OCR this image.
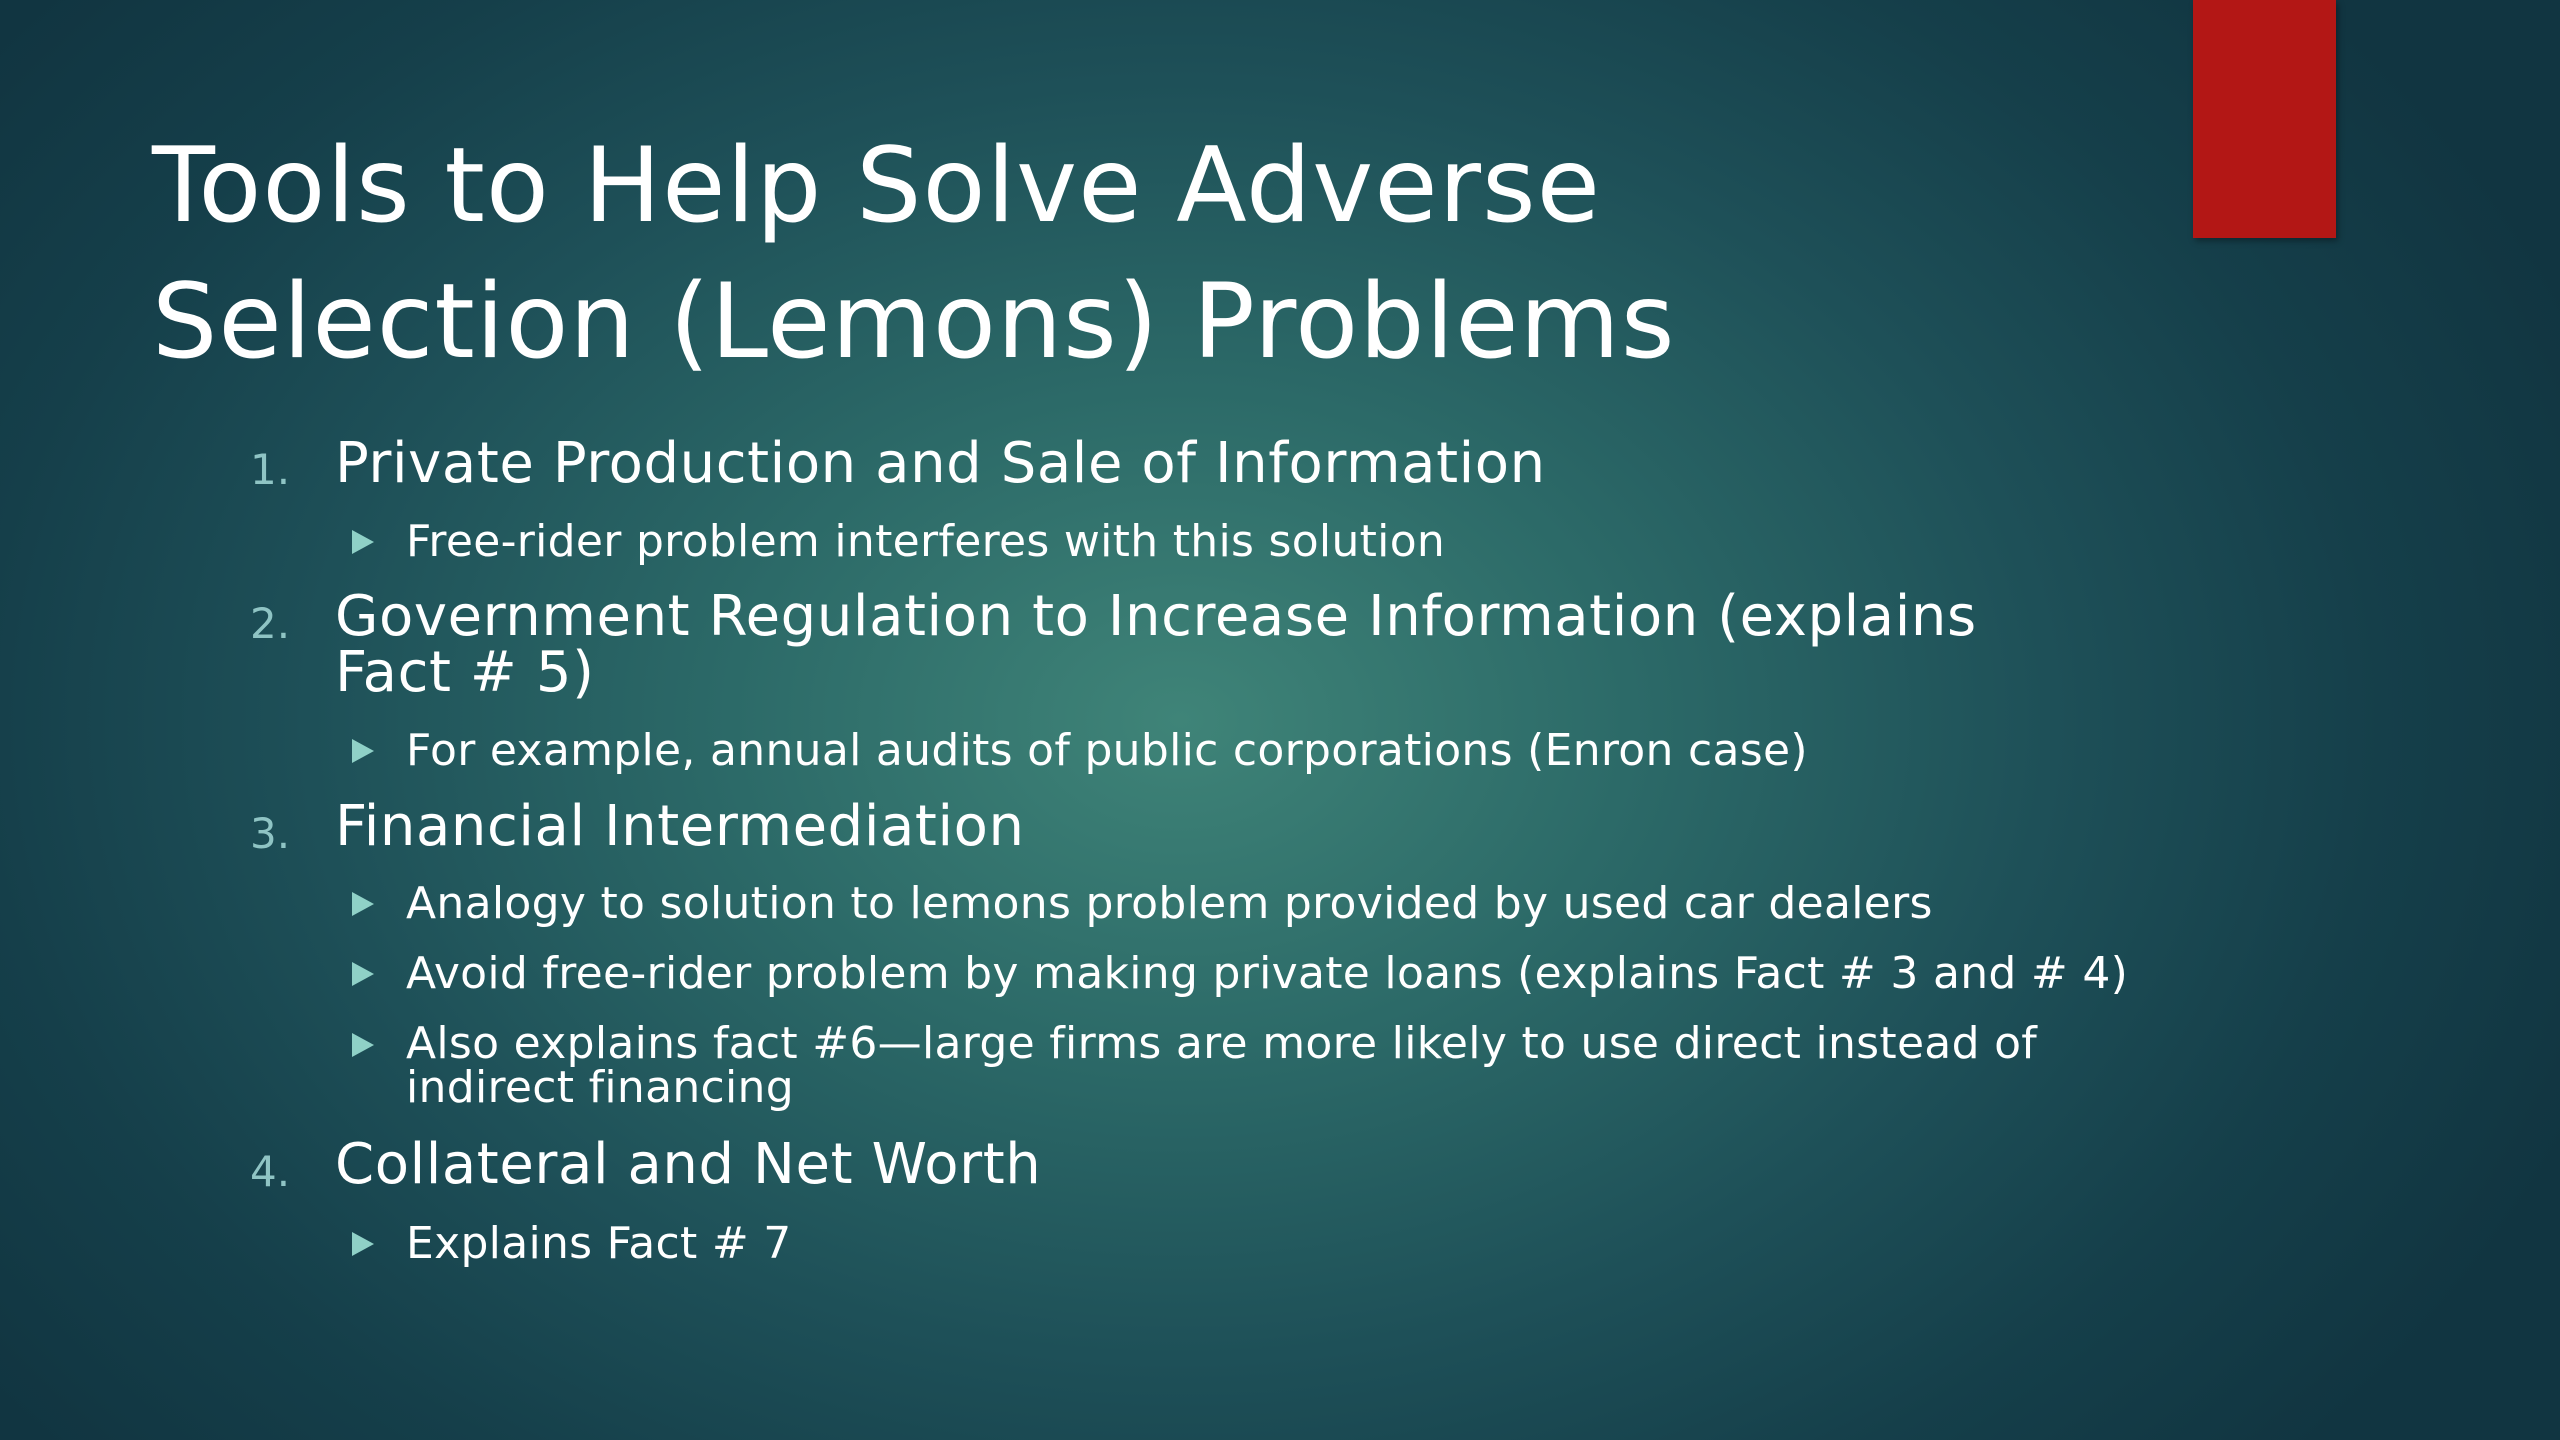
Tools to Help Solve Adverse
Selection (Lemons) Problems
1. Private Production and Sale of Information
Free-rider problem interferes with this solution
2. Government Regulation to Increase Information (explains
Fact # 5)
For example, annual audits of public corporations (Enron case)
3. Financial Intermediation
Analogy to solution to lemons problem provided by used car dealers
Avoid free-rider problem by making private loans (explains Fact # 3 and # 4)
Also explains fact #6—large firms are more likely to use direct instead of
indirect financing
4. Collateral and Net Worth
Explains Fact # 7
